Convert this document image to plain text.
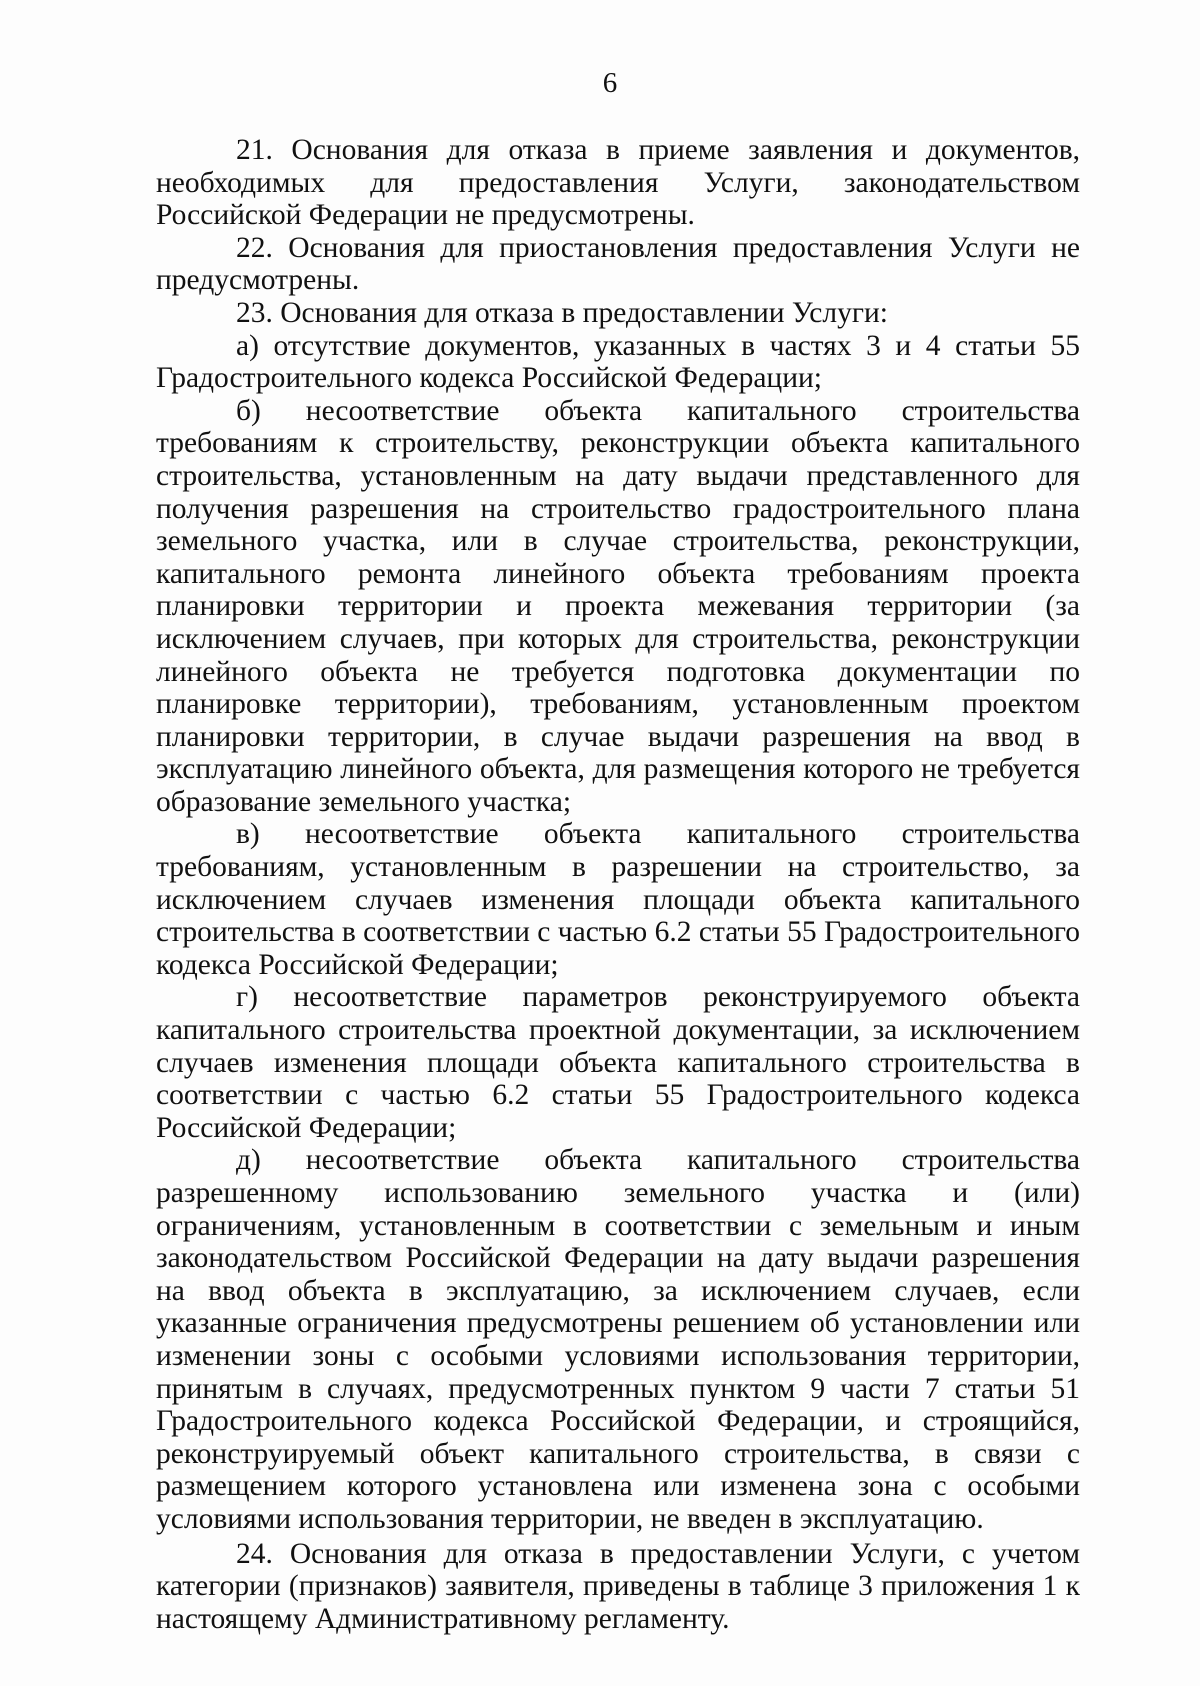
6

21. Основания для отказа в приеме заявления и документов, необходимых для предоставления Услуги, законодательством Российской Федерации не предусмотрены.

22. Основания для приостановления предоставления Услуги не предусмотрены.

23. Основания для отказа в предоставлении Услуги:

а) отсутствие документов, указанных в частях 3 и 4 статьи 55 Градостроительного кодекса Российской Федерации;

б) несоответствие объекта капитального строительства требованиям к строительству, реконструкции объекта капитального строительства, установленным на дату выдачи представленного для получения разрешения на строительство градостроительного плана земельного участка, или в случае строительства, реконструкции, капитального ремонта линейного объекта требованиям проекта планировки территории и проекта межевания территории (за исключением случаев, при которых для строительства, реконструкции линейного объекта не требуется подготовка документации по планировке территории), требованиям, установленным проектом планировки территории, в случае выдачи разрешения на ввод в эксплуатацию линейного объекта, для размещения которого не требуется образование земельного участка;

в) несоответствие объекта капитального строительства требованиям, установленным в разрешении на строительство, за исключением случаев изменения площади объекта капитального строительства в соответствии с частью 6.2 статьи 55 Градостроительного кодекса Российской Федерации;

г) несоответствие параметров реконструируемого объекта капитального строительства проектной документации, за исключением случаев изменения площади объекта капитального строительства в соответствии с частью 6.2 статьи 55 Градостроительного кодекса Российской Федерации;

д) несоответствие объекта капитального строительства разрешенному использованию земельного участка и (или) ограничениям, установленным в соответствии с земельным и иным законодательством Российской Федерации на дату выдачи разрешения на ввод объекта в эксплуатацию, за исключением случаев, если указанные ограничения предусмотрены решением об установлении или изменении зоны с особыми условиями использования территории, принятым в случаях, предусмотренных пунктом 9 части 7 статьи 51 Градостроительного кодекса Российской Федерации, и строящийся, реконструируемый объект капитального строительства, в связи с размещением которого установлена или изменена зона с особыми условиями использования территории, не введен в эксплуатацию.

24. Основания для отказа в предоставлении Услуги, с учетом категории (признаков) заявителя, приведены в таблице 3 приложения 1 к настоящему Административному регламенту.
